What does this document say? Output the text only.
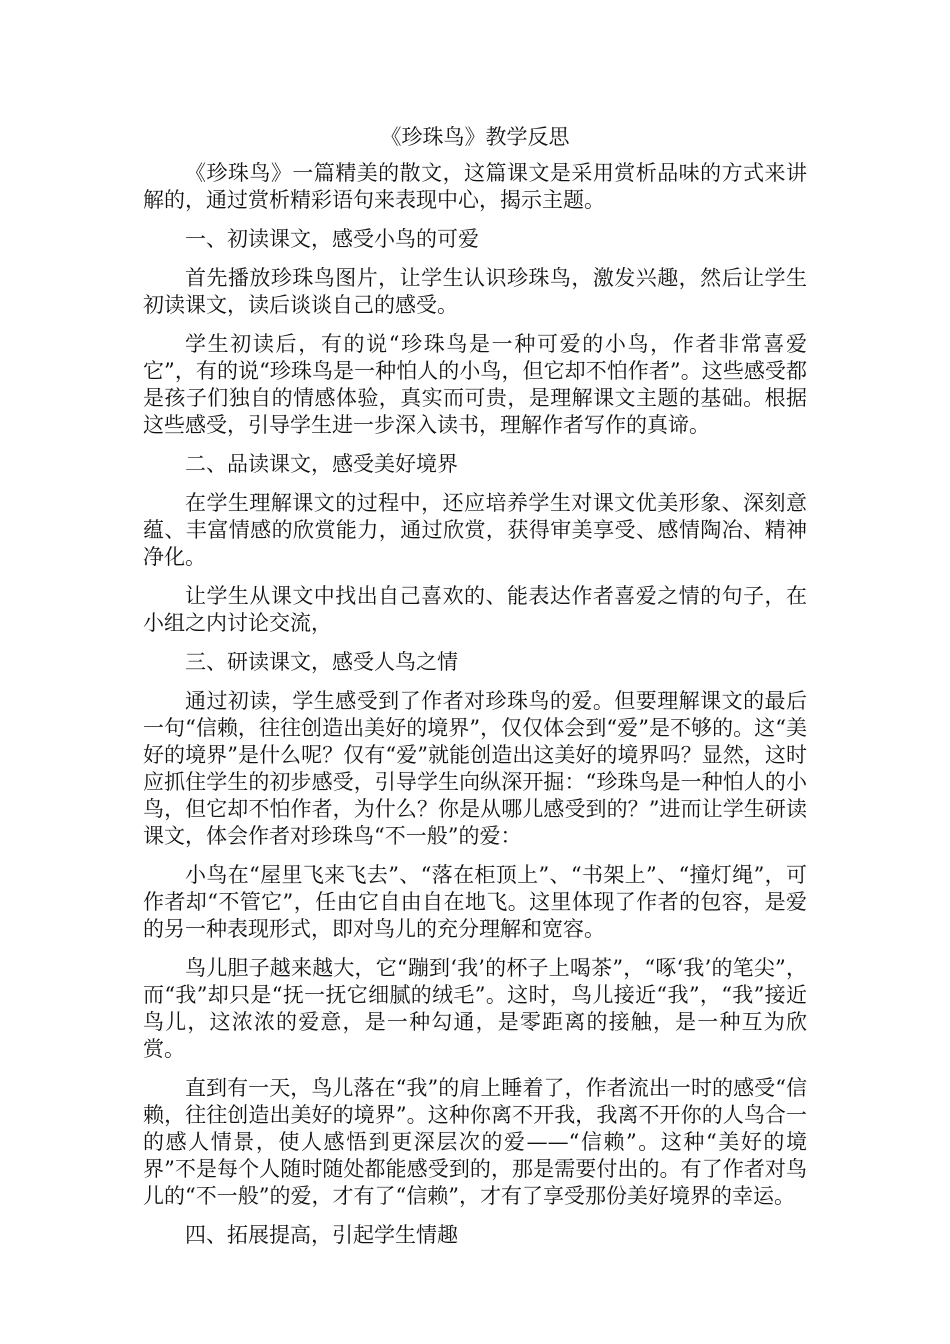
《珍珠鸟》教学反思

《珍珠鸟》一篇精美的散文，这篇课文是采用赏析品味的方式来讲解的，通过赏析精彩语句来表现中心，揭示主题。

一、初读课文，感受小鸟的可爱

首先播放珍珠鸟图片，让学生认识珍珠鸟，激发兴趣，然后让学生初读课文，读后谈谈自己的感受。

学生初读后，有的说“珍珠鸟是一种可爱的小鸟，作者非常喜爱它”，有的说“珍珠鸟是一种怕人的小鸟，但它却不怕作者”。这些感受都是孩子们独自的情感体验，真实而可贵，是理解课文主题的基础。根据这些感受，引导学生进一步深入读书，理解作者写作的真谛。

二、品读课文，感受美好境界

在学生理解课文的过程中，还应培养学生对课文优美形象、深刻意蕴、丰富情感的欣赏能力，通过欣赏，获得审美享受、感情陶冶、精神净化。

让学生从课文中找出自己喜欢的、能表达作者喜爱之情的句子，在小组之内讨论交流，

三、研读课文，感受人鸟之情

通过初读，学生感受到了作者对珍珠鸟的爱。但要理解课文的最后一句“信赖，往往创造出美好的境界”，仅仅体会到“爱”是不够的。这“美好的境界”是什么呢？仅有“爱”就能创造出这美好的境界吗？显然，这时应抓住学生的初步感受，引导学生向纵深开掘：“珍珠鸟是一种怕人的小鸟，但它却不怕作者，为什么？你是从哪儿感受到的？”进而让学生研读课文，体会作者对珍珠鸟“不一般”的爱：

小鸟在“屋里飞来飞去”、“落在柜顶上”、“书架上”、“撞灯绳”，可作者却“不管它”，任由它自由自在地飞。这里体现了作者的包容，是爱的另一种表现形式，即对鸟儿的充分理解和宽容。

鸟儿胆子越来越大，它“蹦到‘我’的杯子上喝茶”，“啄‘我’的笔尖”，而“我”却只是“抚一抚它细腻的绒毛”。这时，鸟儿接近“我”，“我”接近鸟儿，这浓浓的爱意，是一种勾通，是零距离的接触，是一种互为欣赏。

直到有一天，鸟儿落在“我”的肩上睡着了，作者流出一时的感受“信赖，往往创造出美好的境界”。这种你离不开我，我离不开你的人鸟合一的感人情景，使人感悟到更深层次的爱——“信赖”。这种“美好的境界”不是每个人随时随处都能感受到的，那是需要付出的。有了作者对鸟儿的“不一般”的爱，才有了“信赖”，才有了享受那份美好境界的幸运。

四、拓展提高，引起学生情趣
